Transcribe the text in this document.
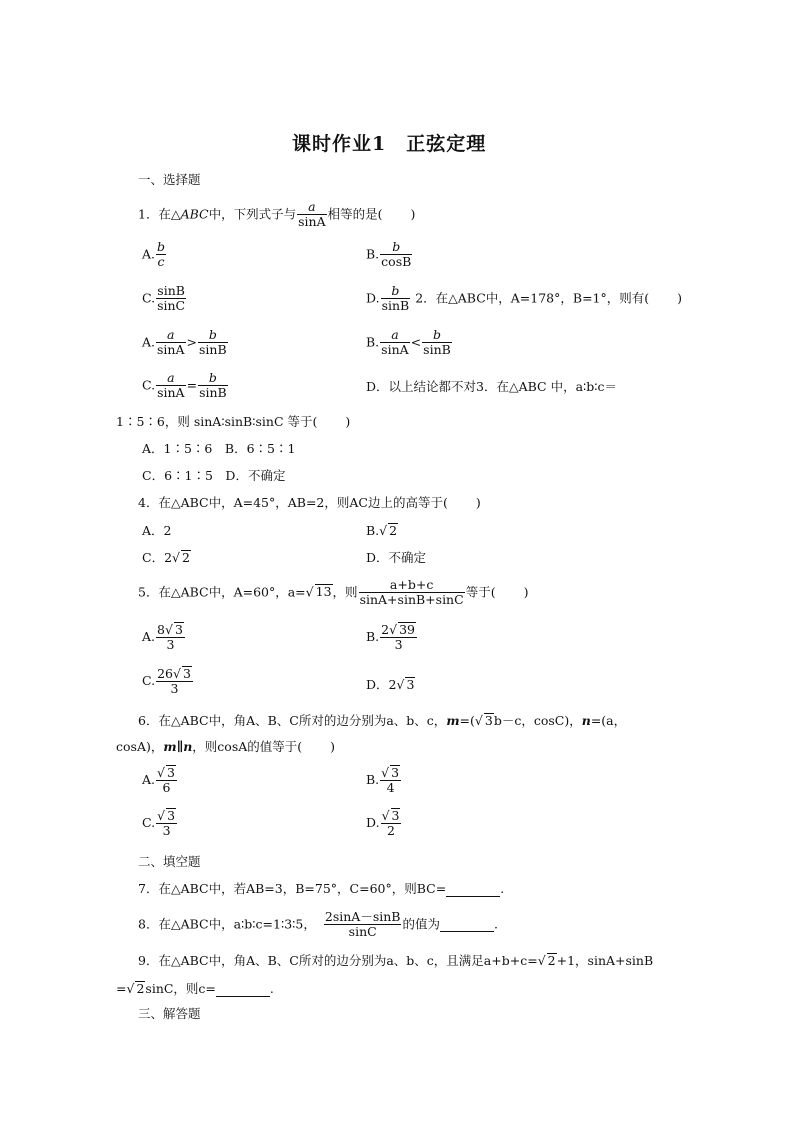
课时作业1　正弦定理
一、选择题
1．在△ABC中，下列式子与 $\frac{a}{\sin A}$ 相等的是( )
A. $\frac{b}{c}$	B. $\frac{b}{\cos B}$
C. $\frac{\sin B}{\sin C}$	D. $\frac{b}{\sin B} 2$．在△ABC中，A=178°，B=1°，则有( )
A. $\frac{a}{\sin A} > \frac{b}{\sin B}$	B. $\frac{a}{\sin A} < \frac{b}{\sin B}$
C. $\frac{a}{\sin A} = \frac{b}{\sin B}$	D．以上结论都不对3．在△ABC 中，a∶b∶c＝
1∶5∶6，则 sinA∶sinB∶sinC 等于( )
A．1∶5∶6　B．6∶5∶1
C．6∶1∶5　D．不确定
4．在△ABC中，A=45°，AB=2，则AC边上的高等于( )
A．2	B.√ 2
C．2√ 2	D．不确定
5．在△ABC中，A=60°，a=√ 13，则 $\frac{a+b+c}{\sin A+\sin B+\sin C}$ 等于( )
A. $\frac{8√ 3}{3}$	B. $\frac{2√ 39}{3}$
C. $\frac{26√ 3}{3}$	D．2√ 3
6．在△ABC中，角A、B、C所对的边分别为a、b、c，m=(√ 3b－c，cosC)，n=(a，
cosA)，m∥n，则cosA的值等于( )
A. $\frac{√ 3}{6}$	B. $\frac{√ 3}{4}$
C. $\frac{√ 3}{3}$	D. $\frac{√ 3}{2}$
二、填空题
7．在△ABC中，若AB=3，B=75°，C=60°，则BC=	.
8．在△ABC中，a∶b∶c=1∶3∶5， $\frac{2\sin A-\sin B}{\sin C}$ 的值为	.
9．在△ABC中，角A、B、C所对的边分别为a、b、c，且满足a+b+c=√ 2+1，sinA+sinB
=√ 2sinC，则c=	.
三、解答题
